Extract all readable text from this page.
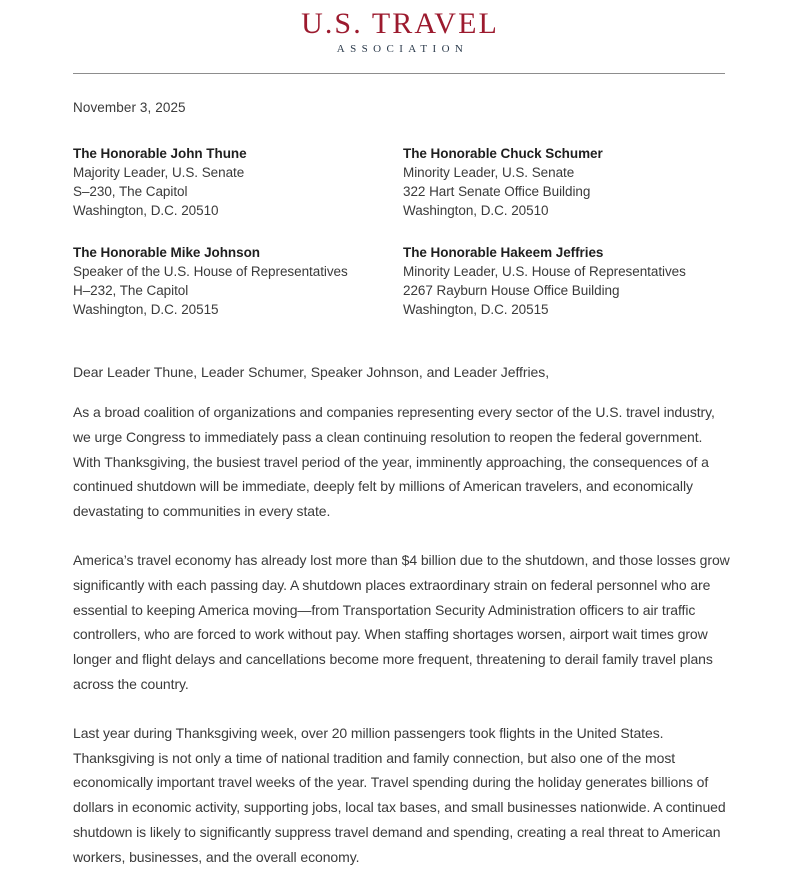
U.S. TRAVEL
ASSOCIATION
November 3, 2025
The Honorable John Thune
Majority Leader, U.S. Senate
S–230, The Capitol
Washington, D.C. 20510
The Honorable Chuck Schumer
Minority Leader, U.S. Senate
322 Hart Senate Office Building
Washington, D.C. 20510
The Honorable Mike Johnson
Speaker of the U.S. House of Representatives
H–232, The Capitol
Washington, D.C. 20515
The Honorable Hakeem Jeffries
Minority Leader, U.S. House of Representatives
2267 Rayburn House Office Building
Washington, D.C. 20515
Dear Leader Thune, Leader Schumer, Speaker Johnson, and Leader Jeffries,

As a broad coalition of organizations and companies representing every sector of the U.S. travel industry, we urge Congress to immediately pass a clean continuing resolution to reopen the federal government. With Thanksgiving, the busiest travel period of the year, imminently approaching, the consequences of a continued shutdown will be immediate, deeply felt by millions of American travelers, and economically devastating to communities in every state.

America’s travel economy has already lost more than $4 billion due to the shutdown, and those losses grow significantly with each passing day. A shutdown places extraordinary strain on federal personnel who are essential to keeping America moving—from Transportation Security Administration officers to air traffic controllers, who are forced to work without pay. When staffing shortages worsen, airport wait times grow longer and flight delays and cancellations become more frequent, threatening to derail family travel plans across the country.

Last year during Thanksgiving week, over 20 million passengers took flights in the United States. Thanksgiving is not only a time of national tradition and family connection, but also one of the most economically important travel weeks of the year. Travel spending during the holiday generates billions of dollars in economic activity, supporting jobs, local tax bases, and small businesses nationwide. A continued shutdown is likely to significantly suppress travel demand and spending, creating a real threat to American workers, businesses, and the overall economy.
